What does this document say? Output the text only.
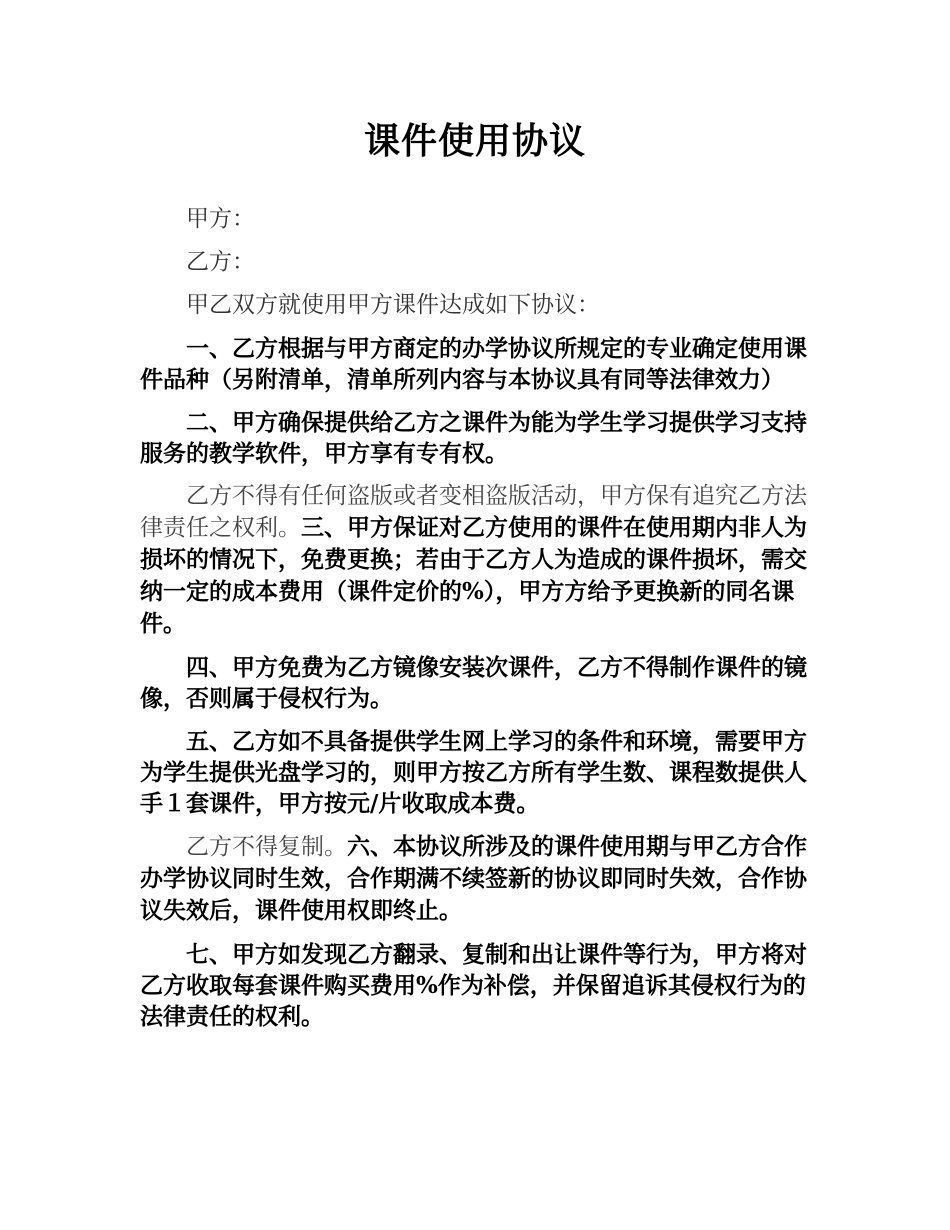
课件使用协议

甲方：

乙方：

甲乙双方就使用甲方课件达成如下协议：

一、乙方根据与甲方商定的办学协议所规定的专业确定使用课件品种（另附清单，清单所列内容与本协议具有同等法律效力）

二、甲方确保提供给乙方之课件为能为学生学习提供学习支持服务的教学软件，甲方享有专有权。

乙方不得有任何盗版或者变相盗版活动，甲方保有追究乙方法律责任之权利。三、甲方保证对乙方使用的课件在使用期内非人为损坏的情况下，免费更换；若由于乙方人为造成的课件损坏，需交纳一定的成本费用（课件定价的%），甲方方给予更换新的同名课件。

四、甲方免费为乙方镜像安装次课件，乙方不得制作课件的镜像，否则属于侵权行为。

五、乙方如不具备提供学生网上学习的条件和环境，需要甲方为学生提供光盘学习的，则甲方按乙方所有学生数、课程数提供人手１套课件，甲方按元/片收取成本费。

乙方不得复制。六、本协议所涉及的课件使用期与甲乙方合作办学协议同时生效，合作期满不续签新的协议即同时失效，合作协议失效后，课件使用权即终止。

七、甲方如发现乙方翻录、复制和出让课件等行为，甲方将对乙方收取每套课件购买费用%作为补偿，并保留追诉其侵权行为的法律责任的权利。
